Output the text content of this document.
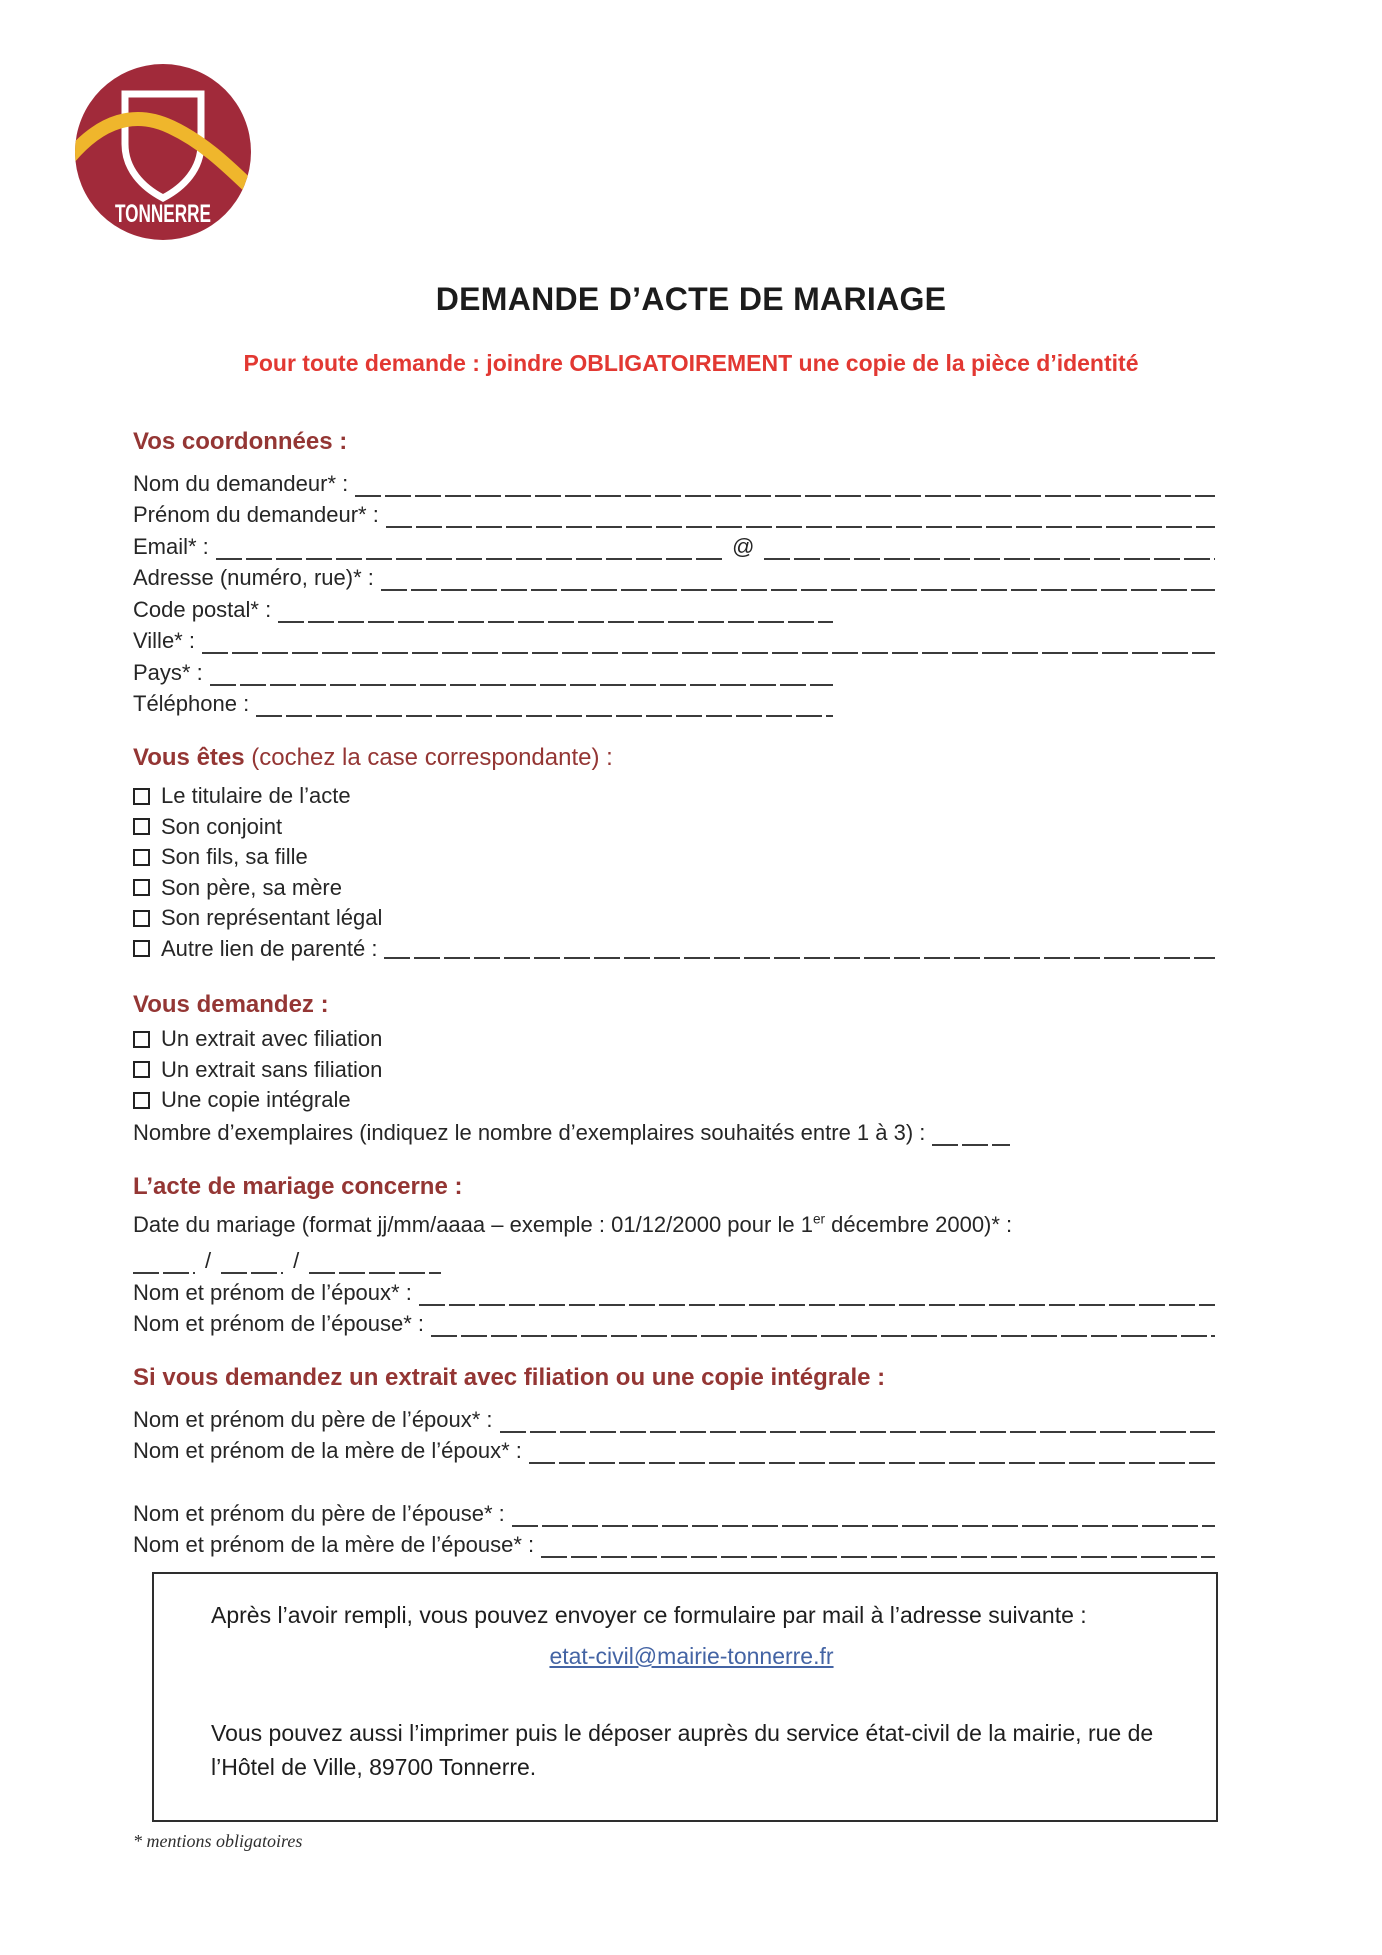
TONNERRE
DEMANDE D’ACTE DE MARIAGE
Pour toute demande : joindre OBLIGATOIREMENT une copie de la pièce d’identité
Vos coordonnées :
Nom du demandeur* :
Prénom du demandeur* :
Email* :	@
Adresse (numéro, rue)* :
Code postal* :
Ville* :
Pays* :
Téléphone :
Vous êtes (cochez la case correspondante) :
Le titulaire de l’acte
Son conjoint
Son fils, sa fille
Son père, sa mère
Son représentant légal
Autre lien de parenté :
Vous demandez :
Un extrait avec filiation
Un extrait sans filiation
Une copie intégrale
Nombre d’exemplaires (indiquez le nombre d’exemplaires souhaités entre 1 à 3) :
L’acte de mariage concerne :
Date du mariage (format jj/mm/aaaa – exemple : 01/12/2000 pour le 1er décembre 2000)* :
/	/
Nom et prénom de l’époux* :
Nom et prénom de l’épouse* :
Si vous demandez un extrait avec filiation ou une copie intégrale :
Nom et prénom du père de l’époux* :
Nom et prénom de la mère de l’époux* :
Nom et prénom du père de l’épouse* :
Nom et prénom de la mère de l’épouse* :
Après l’avoir rempli, vous pouvez envoyer ce formulaire par mail à l’adresse suivante :
etat-civil@mairie-tonnerre.fr
Vous pouvez aussi l’imprimer puis le déposer auprès du service état-civil de la mairie, rue de l’Hôtel de Ville, 89700 Tonnerre.
* mentions obligatoires
